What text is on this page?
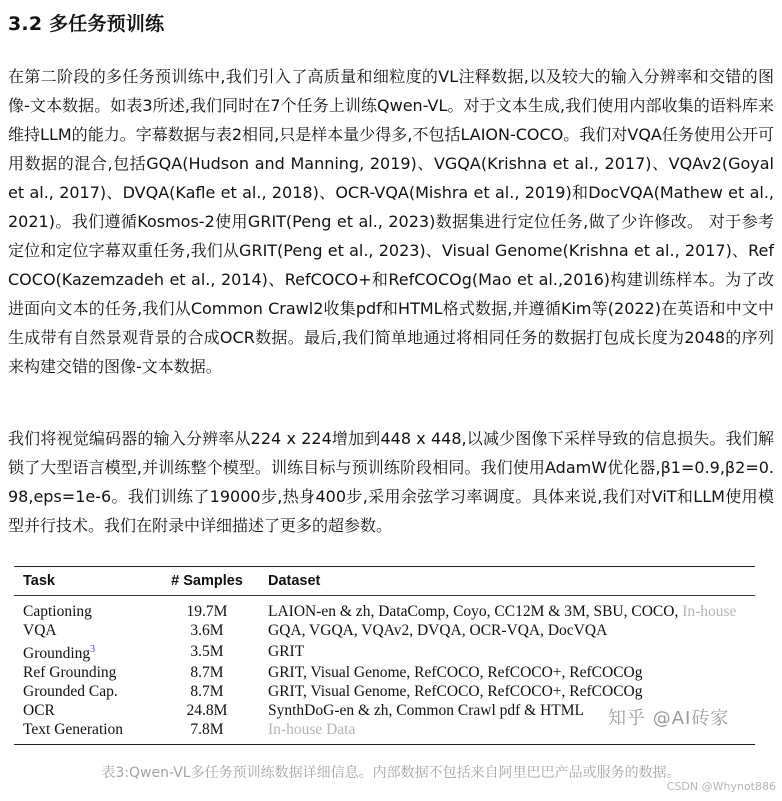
3.2 多任务预训练

在第二阶段的多任务预训练中,我们引入了高质量和细粒度的VL注释数据,以及较大的输入分辨率和交错的图像-文本数据。如表3所述,我们同时在7个任务上训练Qwen-VL。对于文本生成,我们使用内部收集的语料库来维持LLM的能力。字幕数据与表2相同,只是样本量少得多,不包括LAION-COCO。我们对VQA任务使用公开可用数据的混合,包括GQA(Hudson and Manning, 2019)、VGQA(Krishna et al., 2017)、VQAv2(Goyal et al., 2017)、DVQA(Kafle et al., 2018)、OCR-VQA(Mishra et al., 2019)和DocVQA(Mathew et al., 2021)。我们遵循Kosmos-2使用GRIT(Peng et al., 2023)数据集进行定位任务,做了少许修改。 对于参考定位和定位字幕双重任务,我们从GRIT(Peng et al., 2023)、Visual Genome(Krishna et al., 2017)、RefCOCO(Kazemzadeh et al., 2014)、RefCOCO+和RefCOCOg(Mao et al.,2016)构建训练样本。为了改进面向文本的任务,我们从Common Crawl2收集pdf和HTML格式数据,并遵循Kim等(2022)在英语和中文中生成带有自然景观背景的合成OCR数据。最后,我们简单地通过将相同任务的数据打包成长度为2048的序列来构建交错的图像-文本数据。

我们将视觉编码器的输入分辨率从224 x 224增加到448 x 448,以减少图像下采样导致的信息损失。我们解锁了大型语言模型,并训练整个模型。训练目标与预训练阶段相同。我们使用AdamW优化器,β1=0.9,β2=0.98,eps=1e-6。我们训练了19000步,热身400步,采用余弦学习率调度。具体来说,我们对ViT和LLM使用模型并行技术。我们在附录中详细描述了更多的超参数。

Task	# Samples	Dataset
Captioning	19.7M	LAION-en & zh, DataComp, Coyo, CC12M & 3M, SBU, COCO, In-house
VQA	3.6M	GQA, VGQA, VQAv2, DVQA, OCR-VQA, DocVQA
Grounding$^3$	3.5M	GRIT
Ref Grounding	8.7M	GRIT, Visual Genome, RefCOCO, RefCOCO+, RefCOCOg
Grounded Cap.	8.7M	GRIT, Visual Genome, RefCOCO, RefCOCO+, RefCOCOg
OCR	24.8M	SynthDoG-en & zh, Common Crawl pdf & HTML
Text Generation	7.8M	In-house Data
知乎 @AI砖家
表3:Qwen-VL多任务预训练数据详细信息。内部数据不包括来自阿里巴巴产品或服务的数据。
CSDN @Whynot886
